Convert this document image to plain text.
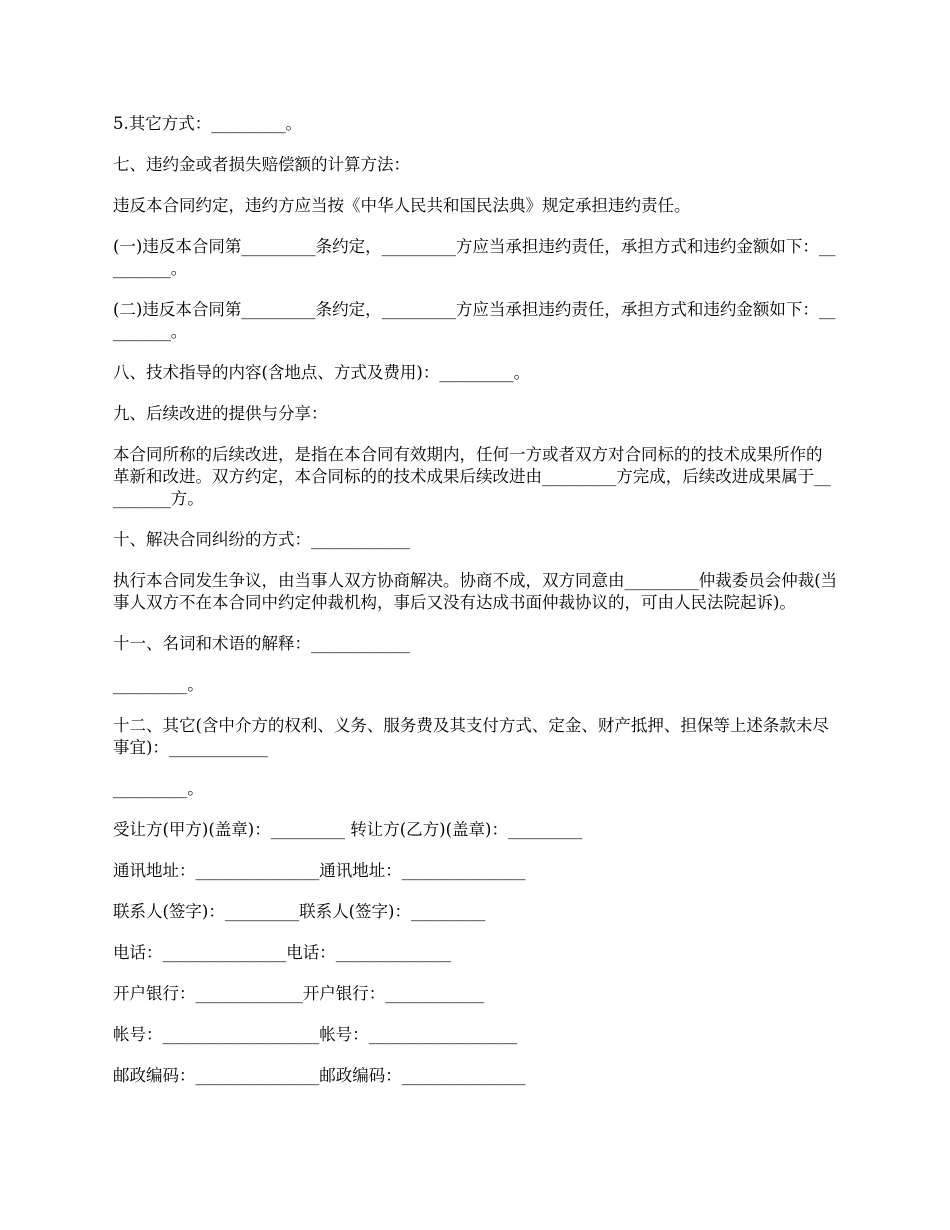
5.其它方式：_________。

七、违约金或者损失赔偿额的计算方法：

违反本合同约定，违约方应当按《中华人民共和国民法典》规定承担违约责任。

(一)违反本合同第_________条约定，_________方应当承担违约责任，承担方式和违约金额如下：_________。

(二)违反本合同第_________条约定，_________方应当承担违约责任，承担方式和违约金额如下：_________。

八、技术指导的内容(含地点、方式及费用)：_________。

九、后续改进的提供与分享：

本合同所称的后续改进，是指在本合同有效期内，任何一方或者双方对合同标的的技术成果所作的革新和改进。双方约定，本合同标的的技术成果后续改进由_________方完成，后续改进成果属于_________方。

十、解决合同纠纷的方式：____________

执行本合同发生争议，由当事人双方协商解决。协商不成，双方同意由_________仲裁委员会仲裁(当事人双方不在本合同中约定仲裁机构，事后又没有达成书面仲裁协议的，可由人民法院起诉)。

十一、名词和术语的解释：____________

_________。

十二、其它(含中介方的权利、义务、服务费及其支付方式、定金、财产抵押、担保等上述条款未尽事宜)：____________

_________。

受让方(甲方)(盖章)：_________ 转让方(乙方)(盖章)：_________

通讯地址：_______________通讯地址：_______________

联系人(签字)：_________联系人(签字)：_________

电话：_______________电话：______________

开户银行：_____________开户银行：____________

帐号：___________________帐号：__________________

邮政编码：_______________邮政编码：_______________
